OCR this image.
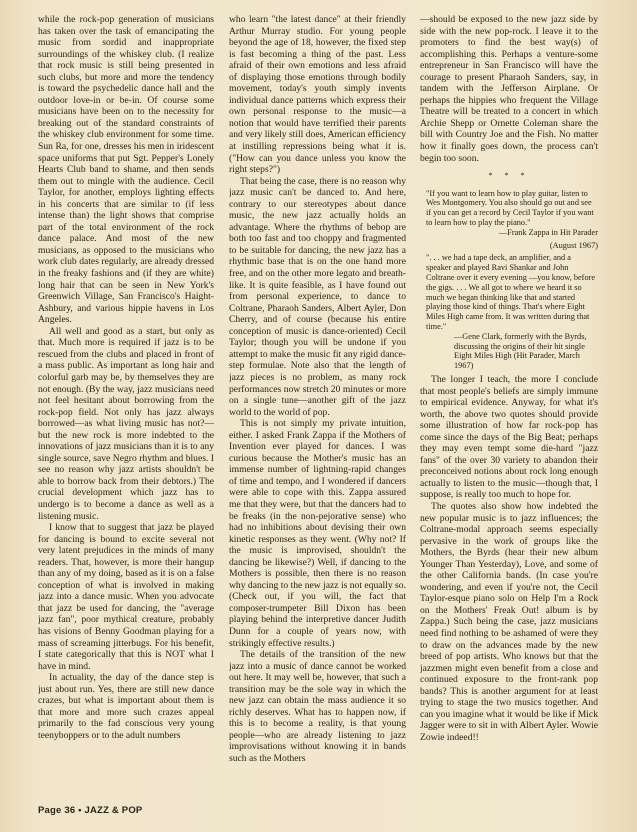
while the rock-pop generation of musicians has taken over the task of emancipating the music from sordid and inappropriate surroundings of the whiskey club. (I realize that rock music is still being presented in such clubs, but more and more the tendency is toward the psychedelic dance hall and the outdoor love-in or be-in. Of course some musicians have been on to the necessity for breaking out of the standard constraints of the whiskey club environment for some time. Sun Ra, for one, dresses his men in iridescent space uniforms that put Sgt. Pepper's Lonely Hearts Club band to shame, and then sends them out to mingle with the audience. Cecil Taylor, for another, employs lighting effects in his concerts that are similar to (if less intense than) the light shows that comprise part of the total environment of the rock dance palace. And most of the new musicians, as opposed to the musicians who work club dates regularly, are already dressed in the freaky fashions and (if they are white) long hair that can be seen in New York's Greenwich Village, San Francisco's Haight-Ashbury, and various hippie havens in Los Angeles.

All well and good as a start, but only as that. Much more is required if jazz is to be rescued from the clubs and placed in front of a mass public. As important as long hair and colorful garb may be, by themselves they are not enough. (By the way, jazz musicians need not feel hesitant about borrowing from the rock-pop field. Not only has jazz always borrowed—as what living music has not?—but the new rock is more indebted to the innovations of jazz musicians than it is to any single source, save Negro rhythm and blues. I see no reason why jazz artists shouldn't be able to borrow back from their debtors.) The crucial development which jazz has to undergo is to become a dance as well as a listening music.

I know that to suggest that jazz be played for dancing is bound to excite several not very latent prejudices in the minds of many readers. That, however, is more their hangup than any of my doing, based as it is on a false conception of what is involved in making jazz into a dance music. When you advocate that jazz be used for dancing, the "average jazz fan", poor mythical creature, probably has visions of Benny Goodman playing for a mass of screaming jitterbugs. For his benefit, I state categorically that this is NOT what I have in mind.

In actuality, the day of the dance step is just about run. Yes, there are still new dance crazes, but what is important about them is that more and more such crazes appeal primarily to the fad conscious very young teenyboppers or to the adult numbers

who learn "the latest dance" at their friendly Arthur Murray studio. For young people beyond the age of 18, however, the fixed step is fast becoming a thing of the past. Less afraid of their own emotions and less afraid of displaying those emotions through bodily movement, today's youth simply invents individual dance patterns which express their own personal response to the music—a notion that would have terrified their parents and very likely still does, American efficiency at instilling repressions being what it is. ("How can you dance unless you know the right steps?")

That being the case, there is no reason why jazz music can't be danced to. And here, contrary to our stereotypes about dance music, the new jazz actually holds an advantage. Where the rhythms of bebop are both too fast and too choppy and fragmented to be suitable for dancing, the new jazz has a rhythmic base that is on the one hand more free, and on the other more legato and breath-like. It is quite feasible, as I have found out from personal experience, to dance to Coltrane, Pharaoh Sanders, Albert Ayler, Don Cherry, and of course (because his entire conception of music is dance-oriented) Cecil Taylor; though you will be undone if you attempt to make the music fit any rigid dance-step formulae. Note also that the length of jazz pieces is no problem, as many rock performances now stretch 20 minutes or more on a single tune—another gift of the jazz world to the world of pop.

This is not simply my private intuition, either. I asked Frank Zappa if the Mothers of Invention ever played for dances. I was curious because the Mother's music has an immense number of lightning-rapid changes of time and tempo, and I wondered if dancers were able to cope with this. Zappa assured me that they were, but that the dancers had to be freaks (in the non-pejorative sense) who had no inhibitions about devising their own kinetic responses as they went. (Why not? If the music is improvised, shouldn't the dancing be likewise?) Well, if dancing to the Mothers is possible, then there is no reason why dancing to the new jazz is not equally so. (Check out, if you will, the fact that composer-trumpeter Bill Dixon has been playing behind the interpretive dancer Judith Dunn for a couple of years now, with strikingly effective results.)

The details of the transition of the new jazz into a music of dance cannot be worked out here. It may well be, however, that such a transition may be the sole way in which the new jazz can obtain the mass audience it so richly deserves. What has to happen now, if this is to become a reality, is that young people—who are already listening to jazz improvisations without knowing it in bands such as the Mothers

—should be exposed to the new jazz side by side with the new pop-rock. I leave it to the promoters to find the best way(s) of accomplishing this. Perhaps a venture-some entrepreneur in San Francisco will have the courage to present Pharaoh Sanders, say, in tandem with the Jefferson Airplane. Or perhaps the hippies who frequent the Village Theatre will be treated to a concert in which Archie Shepp or Ornette Coleman share the bill with Country Joe and the Fish. No matter how it finally goes down, the process can't begin too soon.

* * *

"If you want to learn how to play guitar, listen to Wes Montgomery. You also should go out and see if you can get a record by Cecil Taylor if you want to learn how to play the piano."

—Frank Zappa in Hit Parader
(August 1967)

". . . we had a tape deck, an amplifier, and a speaker and played Ravi Shankar and John Coltrane over it every evening —you know, before the gigs. . . . We all got to where we heard it so much we began thinking like that and started playing those kind of things. That's where Eight Miles High came from. It was written during that time."

—Gene Clark, formerly with the Byrds, discussing the origins of their hit single Eight Miles High (Hit Parader, March 1967)

The longer I teach, the more I conclude that most people's beliefs are simply immune to empirical evidence. Anyway, for what it's worth, the above two quotes should provide some illustration of how far rock-pop has come since the days of the Big Beat; perhaps they may even tempt some die-hard "jazz fans" of the over 30 variety to abandon their preconceived notions about rock long enough actually to listen to the music—though that, I suppose, is really too much to hope for.

The quotes also show how indebted the new popular music is to jazz influences; the Coltrane-modal approach seems especially pervasive in the work of groups like the Mothers, the Byrds (hear their new album Younger Than Yesterday), Love, and some of the other California bands. (In case you're wondering, and even if you're not, the Cecil Taylor-esque piano solo on Help I'm a Rock on the Mothers' Freak Out! album is by Zappa.) Such being the case, jazz musicians need find nothing to be ashamed of were they to draw on the advances made by the new breed of pop artists. Who knows but that the jazzmen might even benefit from a close and continued exposure to the front-rank pop bands? This is another argument for at least trying to stage the two musics together. And can you imagine what it would be like if Mick Jagger were to sit in with Albert Ayler. Wowie Zowie indeed!!

Page 36 • JAZZ & POP
